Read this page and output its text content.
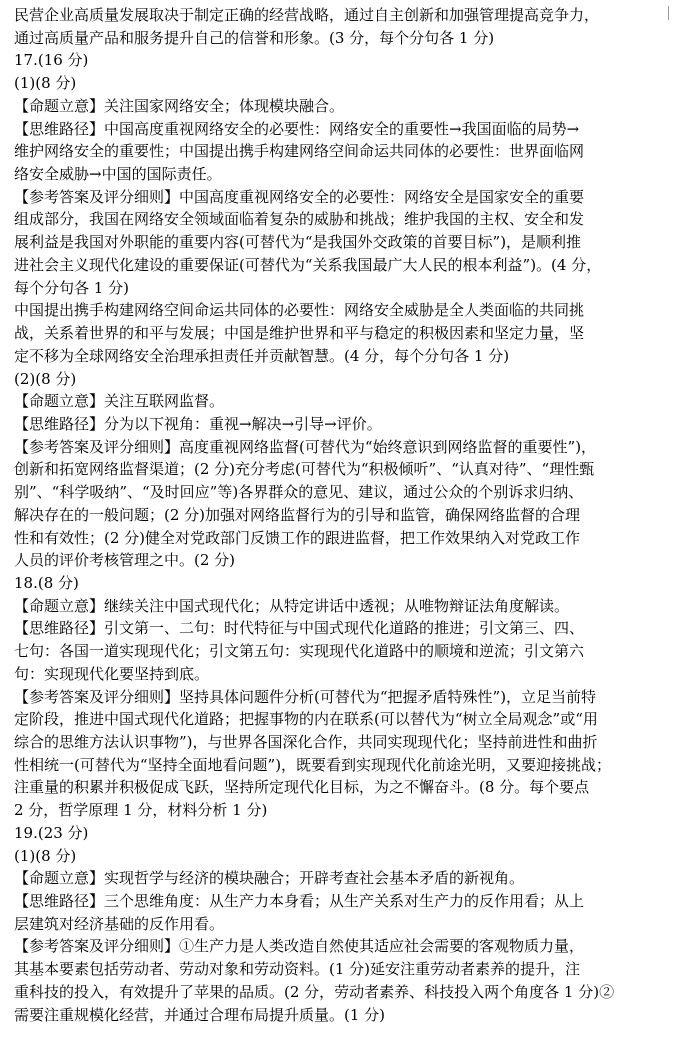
民营企业高质量发展取决于制定正确的经营战略，通过自主创新和加强管理提高竞争力，
通过高质量产品和服务提升自己的信誉和形象。(3 分，每个分句各 1 分)
17.(16 分)
(1)(8 分)
【命题立意】关注国家网络安全；体现模块融合。
【思维路径】中国高度重视网络安全的必要性：网络安全的重要性→我国面临的局势→
维护网络安全的重要性；中国提出携手构建网络空间命运共同体的必要性：世界面临网
络安全威胁→中国的国际责任。
【参考答案及评分细则】中国高度重视网络安全的必要性：网络安全是国家安全的重要
组成部分，我国在网络安全领域面临着复杂的威胁和挑战；维护我国的主权、安全和发
展利益是我国对外职能的重要内容(可替代为“是我国外交政策的首要目标”)，是顺利推
进社会主义现代化建设的重要保证(可替代为“关系我国最广大人民的根本利益”)。(4 分，
每个分句各 1 分)
中国提出携手构建网络空间命运共同体的必要性：网络安全威胁是全人类面临的共同挑
战，关系着世界的和平与发展；中国是维护世界和平与稳定的积极因素和坚定力量，坚
定不移为全球网络安全治理承担责任并贡献智慧。(4 分，每个分句各 1 分)
(2)(8 分)
【命题立意】关注互联网监督。
【思维路径】分为以下视角：重视→解决→引导→评价。
【参考答案及评分细则】高度重视网络监督(可替代为“始终意识到网络监督的重要性”)，
创新和拓宽网络监督渠道；(2 分)充分考虑(可替代为“积极倾听”、“认真对待”、“理性甄
别”、“科学吸纳”、“及时回应”等)各界群众的意见、建议，通过公众的个别诉求归纳、
解决存在的一般问题；(2 分)加强对网络监督行为的引导和监管，确保网络监督的合理
性和有效性；(2 分)健全对党政部门反馈工作的跟进监督，把工作效果纳入对党政工作
人员的评价考核管理之中。(2 分)
18.(8 分)
【命题立意】继续关注中国式现代化；从特定讲话中透视；从唯物辩证法角度解读。
【思维路径】引文第一、二句：时代特征与中国式现代化道路的推进；引文第三、四、
七句：各国一道实现现代化；引文第五句：实现现代化道路中的顺境和逆流；引文第六
句：实现现代化要坚持到底。
【参考答案及评分细则】坚持具体问题件分析(可替代为“把握矛盾特殊性”)，立足当前特
定阶段，推进中国式现代化道路；把握事物的内在联系(可以替代为“树立全局观念”或“用
综合的思维方法认识事物”)，与世界各国深化合作，共同实现现代化；坚持前进性和曲折
性相统一(可替代为“坚持全面地看问题”)，既要看到实现现代化前途光明，又要迎接挑战；
注重量的积累并积极促成飞跃，坚持所定现代化目标，为之不懈奋斗。(8 分。每个要点
2 分，哲学原理 1 分，材料分析 1 分)
19.(23 分)
(1)(8 分)
【命题立意】实现哲学与经济的模块融合；开辟考查社会基本矛盾的新视角。
【思维路径】三个思维角度：从生产力本身看；从生产关系对生产力的反作用看；从上
层建筑对经济基础的反作用看。
【参考答案及评分细则】①生产力是人类改造自然使其适应社会需要的客观物质力量，
其基本要素包括劳动者、劳动对象和劳动资料。(1 分)延安注重劳动者素养的提升，注
重科技的投入，有效提升了苹果的品质。(2 分，劳动者素养、科技投入两个角度各 1 分)②
需要注重规模化经营，并通过合理布局提升质量。(1 分)
